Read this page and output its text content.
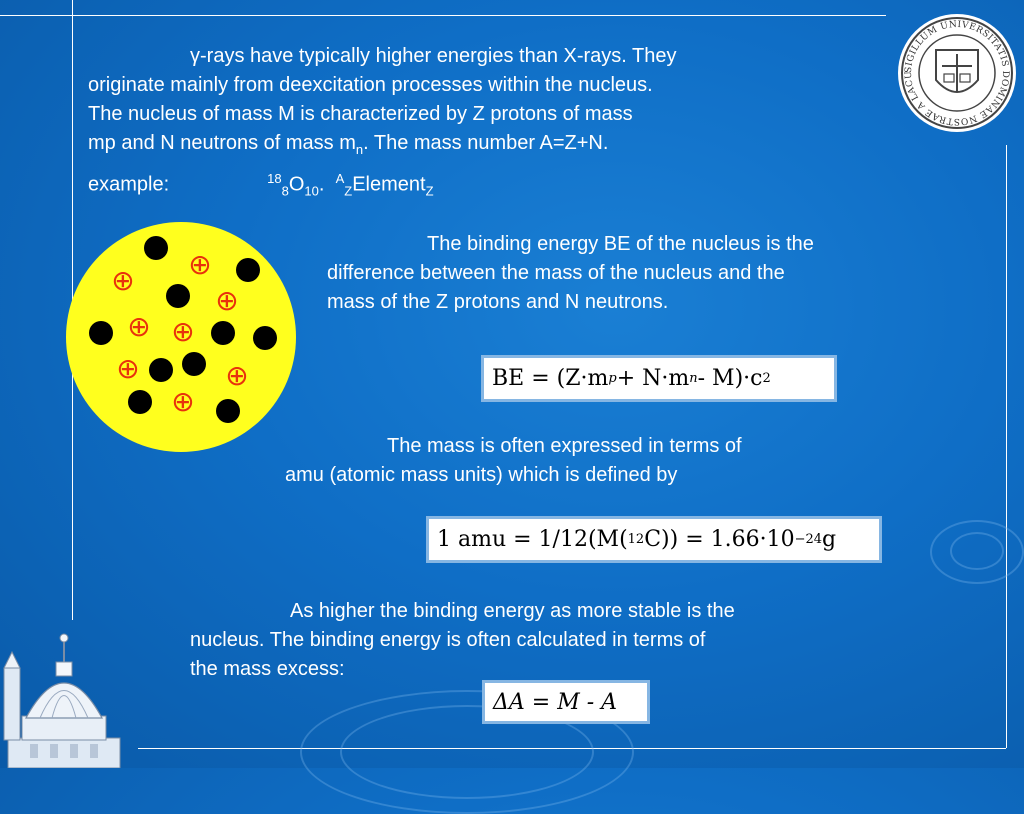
SIGILLUM UNIVERSITATIS DOMINAE NOSTRAE A LACU
γ-rays have typically higher energies than X-rays. They
originate mainly from deexcitation processes within the nucleus.
The nucleus of mass M is characterized by Z protons of mass
mp and N neutrons of mass $m_n$. The mass number A=Z+N.
example:	$^{18}_8O_{10}$. $^A_Z$Element$_Z$
⊕
⊕
⊕
⊕ ⊕
⊕	⊕
⊕
The binding energy BE of the nucleus is the
difference between the mass of the nucleus and the
mass of the Z protons and N neutrons.
BE = (Z·m p + N·m n - M)·c 2
The mass is often expressed in terms of
amu (atomic mass units) which is defined by
1 amu = 1/12(M( 12 C)) = 1.66·10 −24 g
As higher the binding energy as more stable is the
nucleus. The binding energy is often calculated in terms of
the mass excess:
ΔA = M - A
